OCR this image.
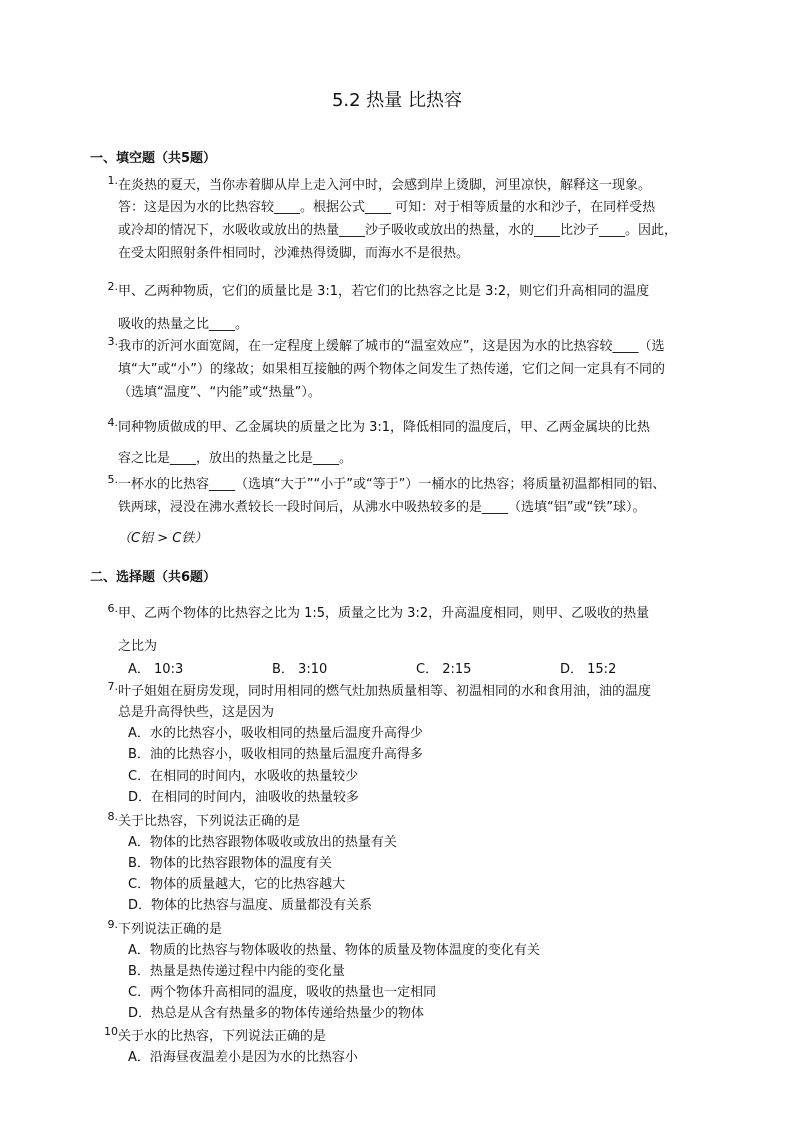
5.2 热量 比热容
一、填空题（共5题）
1. 在炎热的夏天，当你赤着脚从岸上走入河中时，会感到岸上烫脚，河里凉快，解释这一现象。
答：这是因为水的比热容较____。根据公式____ 可知：对于相等质量的水和沙子，在同样受热
或冷却的情况下，水吸收或放出的热量____沙子吸收或放出的热量，水的____比沙子____。因此，
在受太阳照射条件相同时，沙滩热得烫脚，而海水不是很热。
2. 甲、乙两种物质，它们的质量比是 3:1，若它们的比热容之比是 3:2，则它们升高相同的温度
吸收的热量之比____。
3. 我市的沂河水面宽阔，在一定程度上缓解了城市的“温室效应”，这是因为水的比热容较____（选
填“大”或“小”）的缘故；如果相互接触的两个物体之间发生了热传递，它们之间一定具有不同的
（选填“温度”、“内能”或“热量”）。
4. 同种物质做成的甲、乙金属块的质量之比为 3:1，降低相同的温度后，甲、乙两金属块的比热
容之比是____，放出的热量之比是____。
5. 一杯水的比热容____（选填“大于”“小于”或“等于”）一桶水的比热容；将质量初温都相同的铝、
铁两球，浸没在沸水煮较长一段时间后，从沸水中吸热较多的是____（选填“铝”或“铁”球）。
（C铝 > C铁）
二、选择题（共6题）
6. 甲、乙两个物体的比热容之比为 1:5，质量之比为 3:2，升高温度相同，则甲、乙吸收的热量
之比为
A． 10:3	B． 3:10	C． 2:15	D． 15:2
7. 叶子姐姐在厨房发现，同时用相同的燃气灶加热质量相等、初温相同的水和食用油，油的温度
总是升高得快些，这是因为
A．水的比热容小，吸收相同的热量后温度升高得少
B．油的比热容小，吸收相同的热量后温度升高得多
C．在相同的时间内，水吸收的热量较少
D．在相同的时间内，油吸收的热量较多
8. 关于比热容，下列说法正确的是
A．物体的比热容跟物体吸收或放出的热量有关
B．物体的比热容跟物体的温度有关
C．物体的质量越大，它的比热容越大
D．物体的比热容与温度、质量都没有关系
9. 下列说法正确的是
A．物质的比热容与物体吸收的热量、物体的质量及物体温度的变化有关
B．热量是热传递过程中内能的变化量
C．两个物体升高相同的温度，吸收的热量也一定相同
D．热总是从含有热量多的物体传递给热量少的物体
10.
关于水的比热容，下列说法正确的是
A．沿海昼夜温差小是因为水的比热容小
